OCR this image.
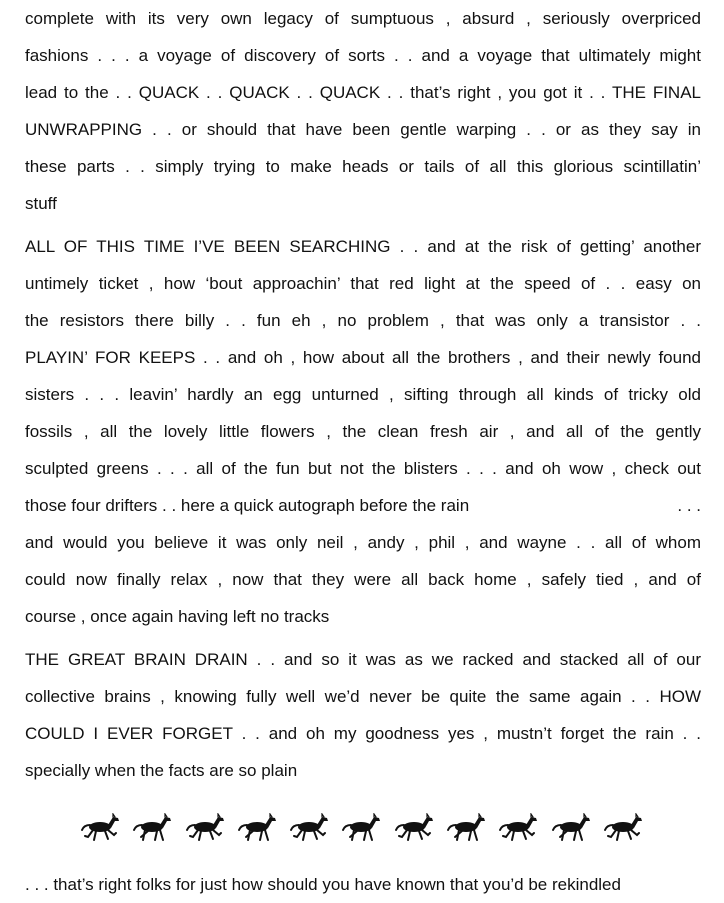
complete with its very own legacy of sumptuous , absurd , seriously overpriced
fashions . . . a voyage of discovery of sorts . . and a voyage that ultimately might
lead to the . . QUACK . . QUACK . . QUACK . . that’s right , you got it . . THE FINAL
UNWRAPPING . . or should that have been gentle warping . . or as they say in
these parts . . simply trying to make heads or tails of all this glorious scintillatin’
stuff
ALL OF THIS TIME I’VE BEEN SEARCHING . . and at the risk of getting’ another
untimely ticket , how ‘bout approachin’ that red light at the speed of . . easy on
the resistors there billy . . fun eh , no problem , that was only a transistor . .
PLAYIN’ FOR KEEPS . . and oh , how about all the brothers , and their newly found
sisters . . . leavin’ hardly an egg unturned , sifting through all kinds of tricky old
fossils , all the lovely little flowers , the clean fresh air , and all of the gently
sculpted greens . . . all of the fun but not the blisters . . . and oh wow , check out
those four drifters . . here a quick autograph before the rain	. . .
and would you believe it was only neil , andy , phil , and wayne . . all of whom
could now finally relax , now that they were all back home , safely tied , and of
course , once again having left no tracks
THE GREAT BRAIN DRAIN . . and so it was as we racked and stacked all of our
collective brains , knowing fully well we’d never be quite the same again . . HOW
COULD I EVER FORGET . . and oh my goodness yes , mustn’t forget the rain . .
specially when the facts are so plain
. . . that’s right folks for just how should you have known that you’d be rekindled
